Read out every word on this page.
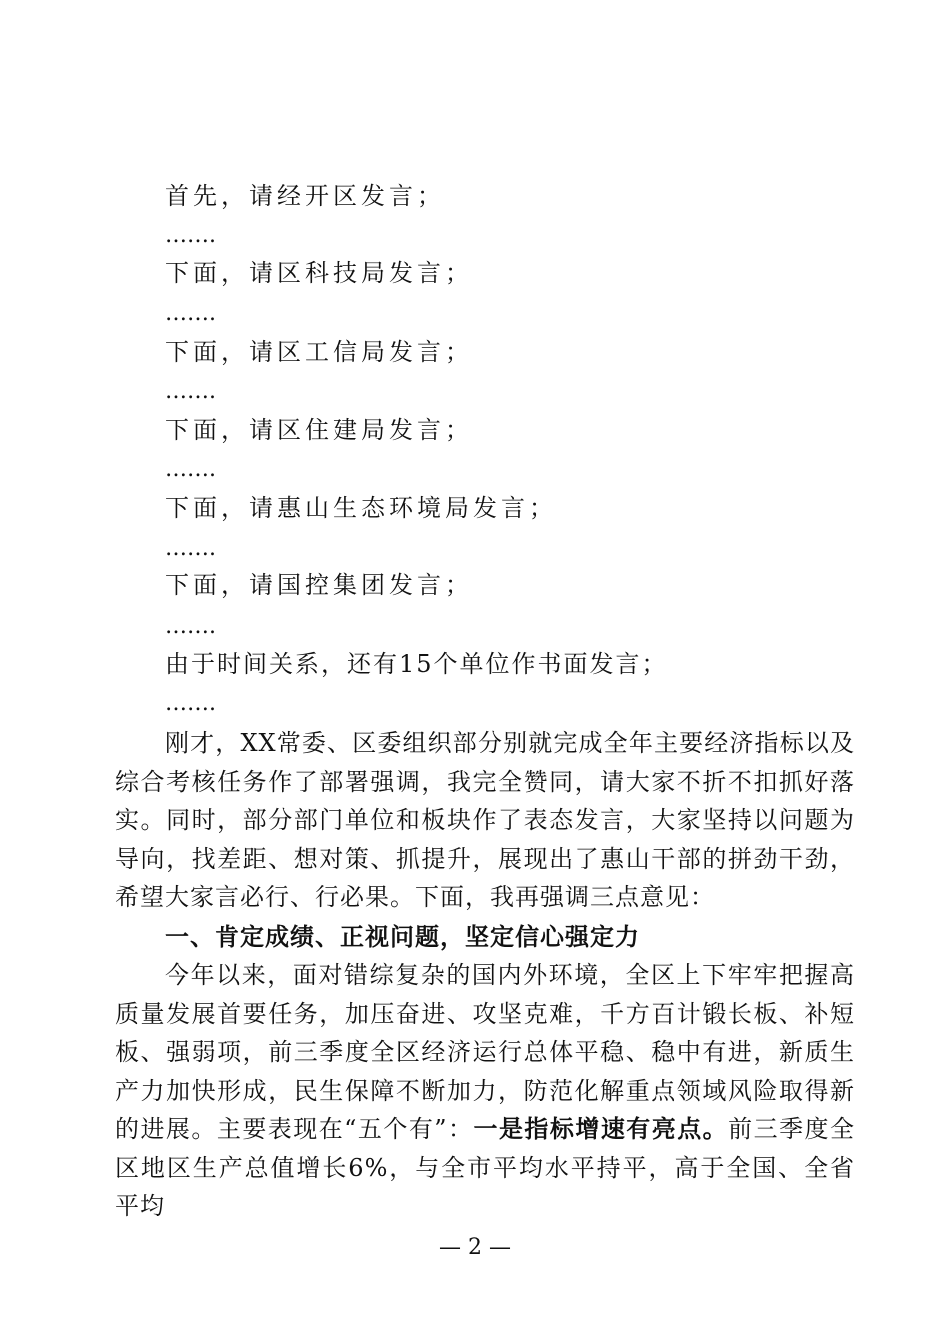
首先，请经开区发言；
…….
下面，请区科技局发言；
…….
下面，请区工信局发言；
…….
下面，请区住建局发言；
…….
下面，请惠山生态环境局发言；
…….
下面，请国控集团发言；
…….
由于时间关系，还有15个单位作书面发言；
…….

刚才，XX常委、区委组织部分别就完成全年主要经济指标以及综合考核任务作了部署强调，我完全赞同，请大家不折不扣抓好落实。同时，部分部门单位和板块作了表态发言，大家坚持以问题为导向，找差距、想对策、抓提升，展现出了惠山干部的拼劲干劲，希望大家言必行、行必果。下面，我再强调三点意见：

一、肯定成绩、正视问题，坚定信心强定力

今年以来，面对错综复杂的国内外环境，全区上下牢牢把握高质量发展首要任务，加压奋进、攻坚克难，千方百计锻长板、补短板、强弱项，前三季度全区经济运行总体平稳、稳中有进，新质生产力加快形成，民生保障不断加力，防范化解重点领域风险取得新的进展。主要表现在“五个有”：一是指标增速有亮点。前三季度全区地区生产总值增长6%，与全市平均水平持平，高于全国、全省平均

— 2 —
